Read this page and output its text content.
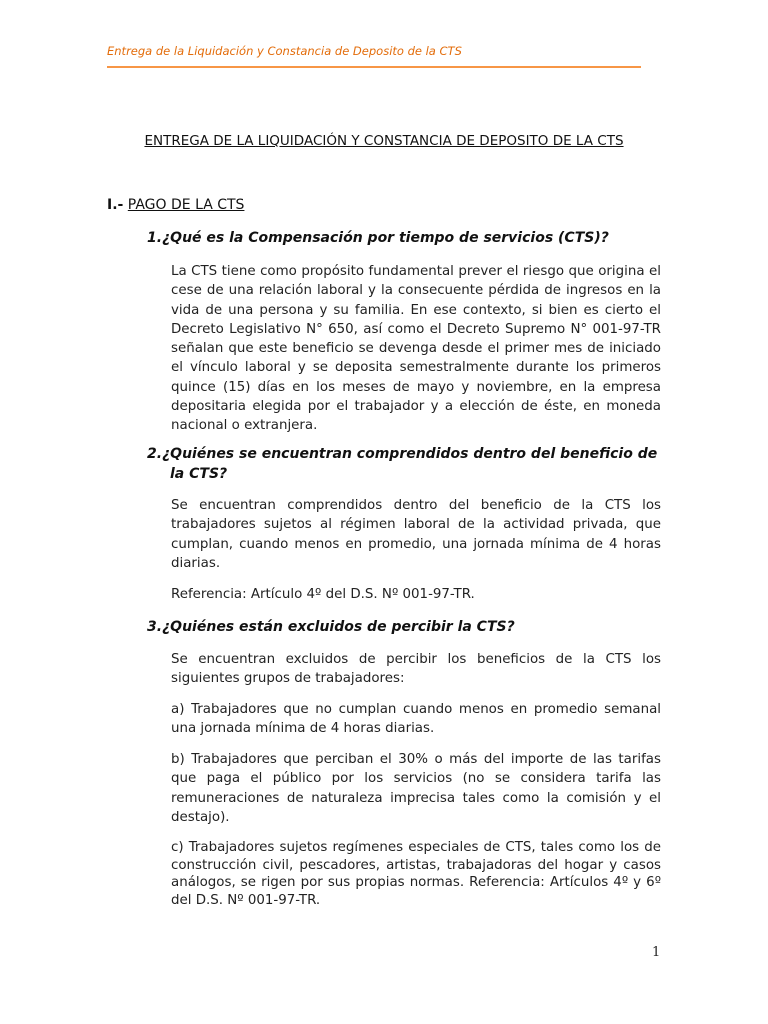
Entrega de la Liquidación y Constancia de Deposito de la CTS
ENTREGA DE LA LIQUIDACIÓN Y CONSTANCIA DE DEPOSITO DE LA CTS
I.- PAGO DE LA CTS
1.¿Qué es la Compensación por tiempo de servicios (CTS)?
La CTS tiene como propósito fundamental prever el riesgo que origina el cese de una relación laboral y la consecuente pérdida de ingresos en la vida de una persona y su familia. En ese contexto, si bien es cierto el Decreto Legislativo N° 650, así como el Decreto Supremo N° 001-97-TR señalan que este beneficio se devenga desde el primer mes de iniciado el vínculo laboral y se deposita semestralmente durante los primeros quince (15) días en los meses de mayo y noviembre, en la empresa depositaria elegida por el trabajador y a elección de éste, en moneda nacional o extranjera.
2.¿Quiénes se encuentran comprendidos dentro del beneficio de la CTS?
Se encuentran comprendidos dentro del beneficio de la CTS los trabajadores sujetos al régimen laboral de la actividad privada, que cumplan, cuando menos en promedio, una jornada mínima de 4 horas diarias.
Referencia: Artículo 4º del D.S. Nº 001-97-TR.
3.¿Quiénes están excluidos de percibir la CTS?
Se encuentran excluidos de percibir los beneficios de la CTS los siguientes grupos de trabajadores:
a) Trabajadores que no cumplan cuando menos en promedio semanal una jornada mínima de 4 horas diarias.
b) Trabajadores que perciban el 30% o más del importe de las tarifas que paga el público por los servicios (no se considera tarifa las remuneraciones de naturaleza imprecisa tales como la comisión y el destajo).
c) Trabajadores sujetos regímenes especiales de CTS, tales como los de construcción civil, pescadores, artistas, trabajadoras del hogar y casos análogos, se rigen por sus propias normas. Referencia: Artículos 4º y 6º del D.S. Nº 001-97-TR.
1
